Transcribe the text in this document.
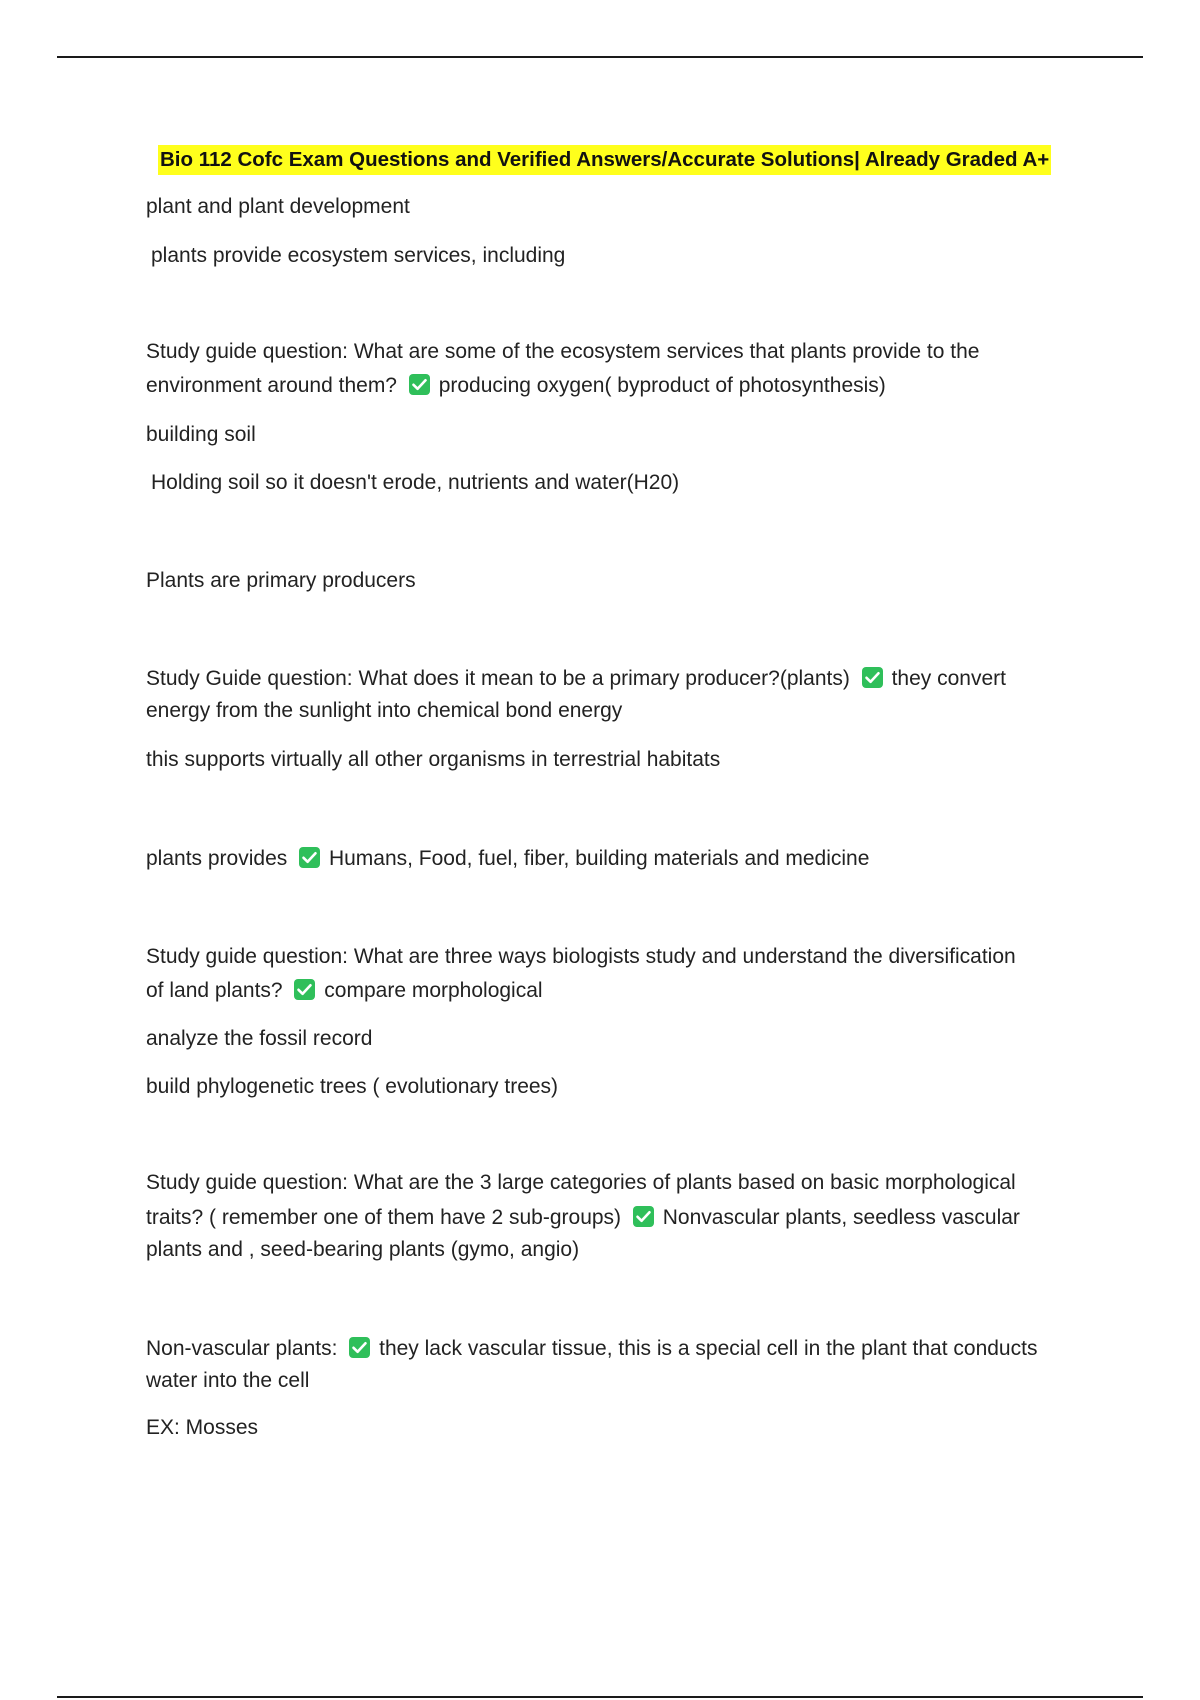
Bio 112 Cofc Exam Questions and Verified Answers/Accurate Solutions| Already Graded A+
plant and plant development
plants provide ecosystem services, including
Study guide question: What are some of the ecosystem services that plants provide to the
environment around them? producing oxygen( byproduct of photosynthesis)
building soil
Holding soil so it doesn't erode, nutrients and water(H20)
Plants are primary producers
Study Guide question: What does it mean to be a primary producer?(plants) they convert
energy from the sunlight into chemical bond energy
this supports virtually all other organisms in terrestrial habitats
plants provides Humans, Food, fuel, fiber, building materials and medicine
Study guide question: What are three ways biologists study and understand the diversification
of land plants? compare morphological
analyze the fossil record
build phylogenetic trees ( evolutionary trees)
Study guide question: What are the 3 large categories of plants based on basic morphological
traits? ( remember one of them have 2 sub-groups) Nonvascular plants, seedless vascular
plants and , seed-bearing plants (gymo, angio)
Non-vascular plants: they lack vascular tissue, this is a special cell in the plant that conducts
water into the cell
EX: Mosses
